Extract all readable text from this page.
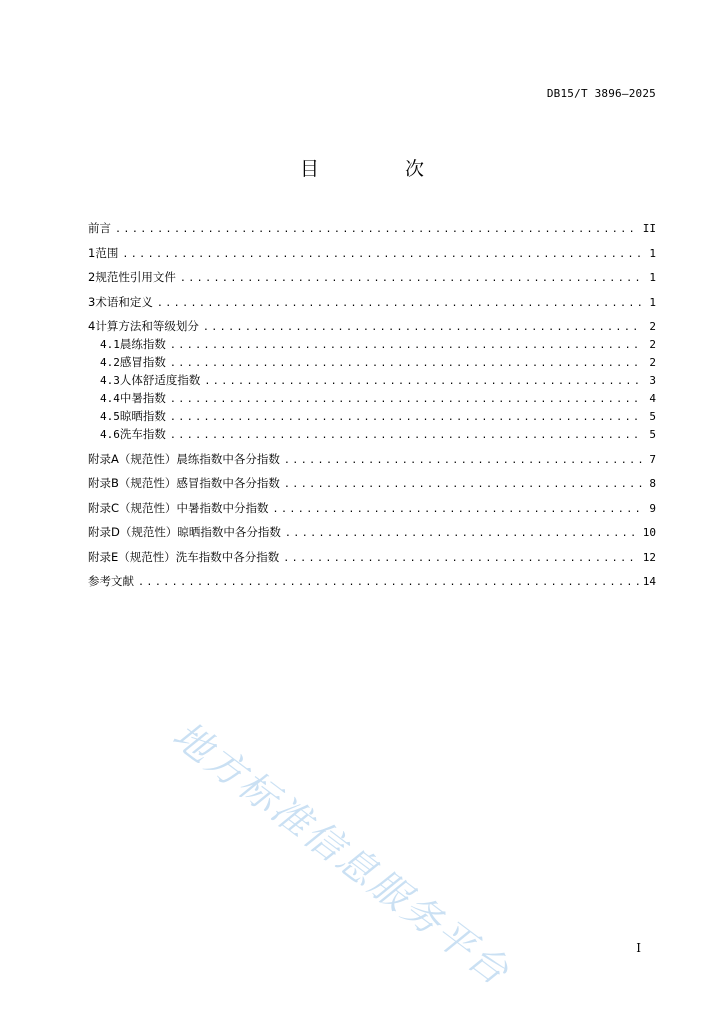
DB15/T 3896—2025
目 次
前言 .....	II
1 范围 .....	1
2 规范性引用文件 .....	1
3 术语和定义 .....	1
4 计算方法和等级划分 .....	2
4.1 晨练指数 .....	2
4.2 感冒指数 .....	2
4.3 人体舒适度指数 .....	3
4.4 中暑指数 .....	4
4.5 晾晒指数 .....	5
4.6 洗车指数 .....	5
附录A（规范性） 晨练指数中各分指数 .....	7
附录B（规范性） 感冒指数中各分指数 .....	8
附录C（规范性） 中暑指数中分指数 .....	9
附录D（规范性） 晾晒指数中各分指数 .....	10
附录E（规范性） 洗车指数中各分指数 .....	12
参考文献 .....	14
地方标准信息服务平台	I
